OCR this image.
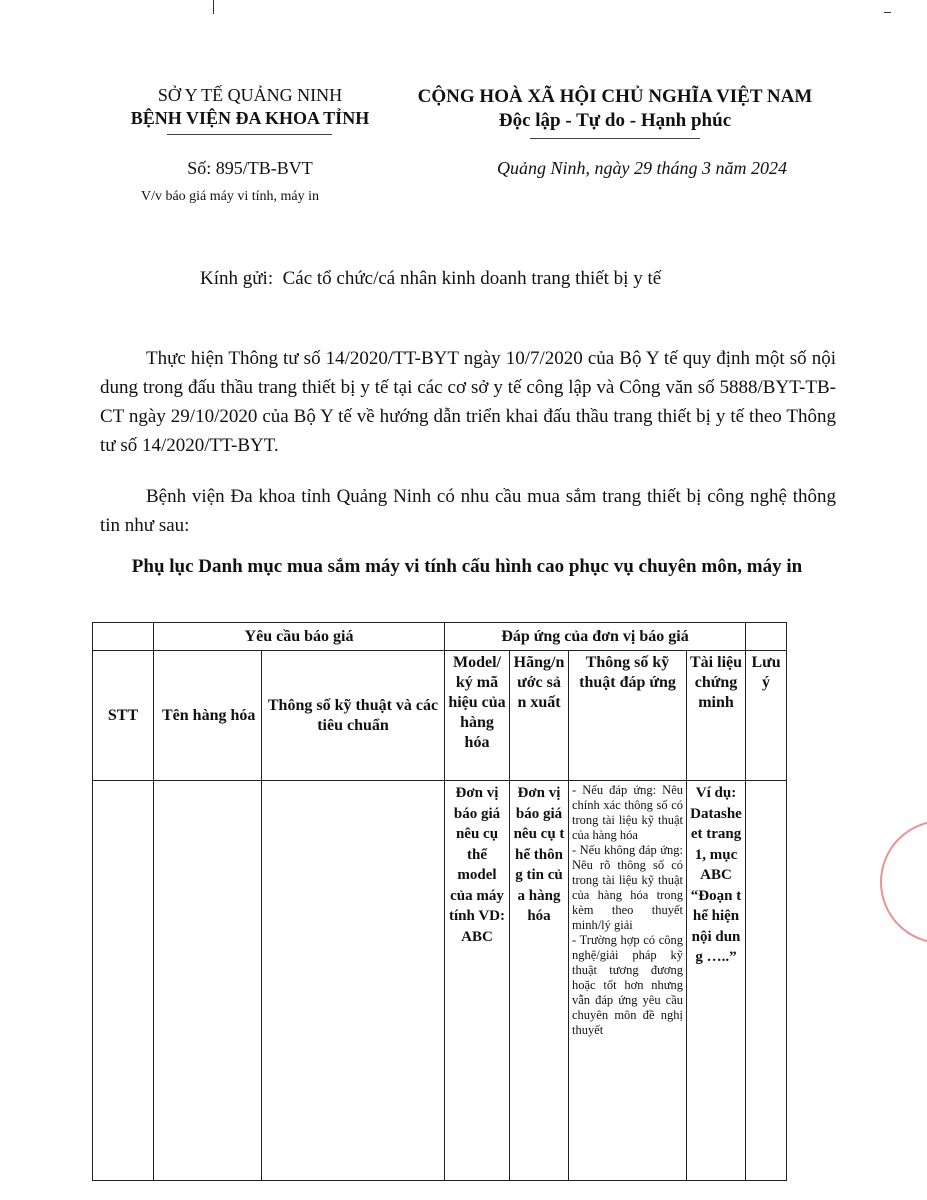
SỞ Y TẾ QUẢNG NINH
BỆNH VIỆN ĐA KHOA TỈNH
Số: 895/TB-BVT
V/v báo giá máy vi tính, máy in
CỘNG HOÀ XÃ HỘI CHỦ NGHĨA VIỆT NAM
Độc lập - Tự do - Hạnh phúc
Quảng Ninh, ngày 29 tháng 3 năm 2024
Kính gửi:  Các tổ chức/cá nhân kinh doanh trang thiết bị y tế
Thực hiện Thông tư số 14/2020/TT-BYT ngày 10/7/2020 của Bộ Y tế quy định một số nội dung trong đấu thầu trang thiết bị y tế tại các cơ sở y tế công lập và Công văn số 5888/BYT-TB-CT ngày 29/10/2020 của Bộ Y tế về hướng dẫn triển khai đấu thầu trang thiết bị y tế theo Thông tư số 14/2020/TT-BYT.
Bệnh viện Đa khoa tỉnh Quảng Ninh có nhu cầu mua sắm trang thiết bị công nghệ thông tin như sau:
Phụ lục Danh mục mua sắm máy vi tính cấu hình cao phục vụ chuyên môn, máy in
	Yêu cầu báo giá		Đáp ứng của đơn vị báo giá				
STT	Tên hàng hóa	Thông số kỹ thuật và các tiêu chuẩn	Model/ ký mã hiệu của hàng hóa	Hãng/nước sản xuất	Thông số kỹ thuật đáp ứng	Tài liệu chứng minh	Lưu ý
			Đơn vị báo giá nêu cụ thể model của máy tính VD: ABC	Đơn vị báo giá nêu cụ thể thông tin của hàng hóa	- Nếu đáp ứng: Nêu chính xác thông số có trong tài liệu kỹ thuật của hàng hóa
- Nếu không đáp ứng: Nêu rõ thông số có trong tài liệu kỹ thuật của hàng hóa trong kèm theo thuyết minh/lý giải
- Trường hợp có công nghệ/giải pháp kỹ thuật tương đương hoặc tốt hơn nhưng vẫn đáp ứng yêu cầu chuyên môn đề nghị thuyết	Ví dụ: Datasheet trang 1, mục ABC “Đoạn thể hiện nội dung …..”	
